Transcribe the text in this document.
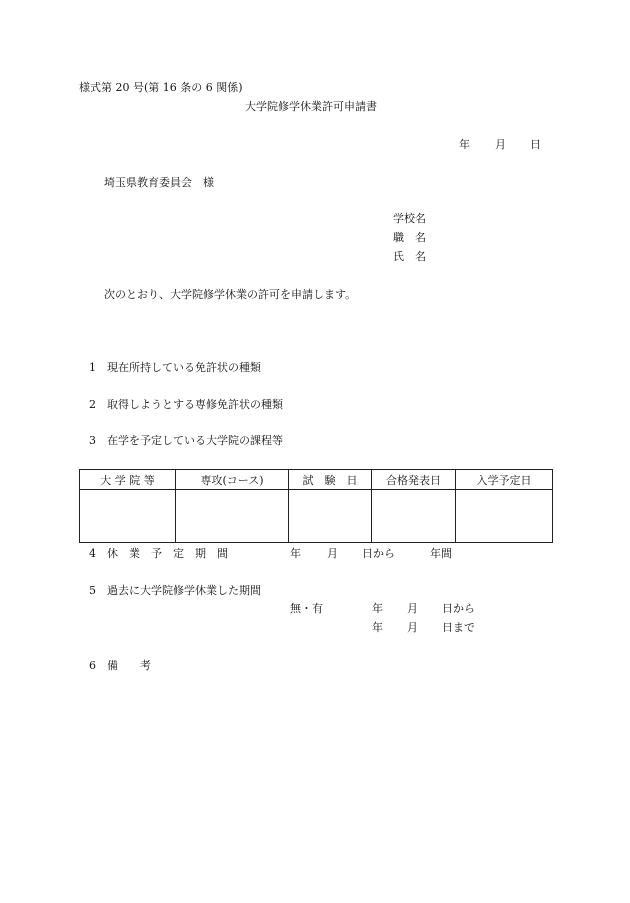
様式第 20 号(第 16 条の 6 関係)
大学院修学休業許可申請書
年 月 日
埼玉県教育委員会　様
学校名
職　名
氏　名
次のとおり、大学院修学休業の許可を申請します。
1　現在所持している免許状の種類
2　取得しようとする専修免許状の種類
3　在学を予定している大学院の課程等
大 学 院 等	専攻(コース)	試　験　日	合格発表日	入学予定日

4　休　業　予　定　期　間	年 月 日から	年間
5　過去に大学院修学休業した期間
無・有	年 月 日から
年 月 日まで
6　備　　考
